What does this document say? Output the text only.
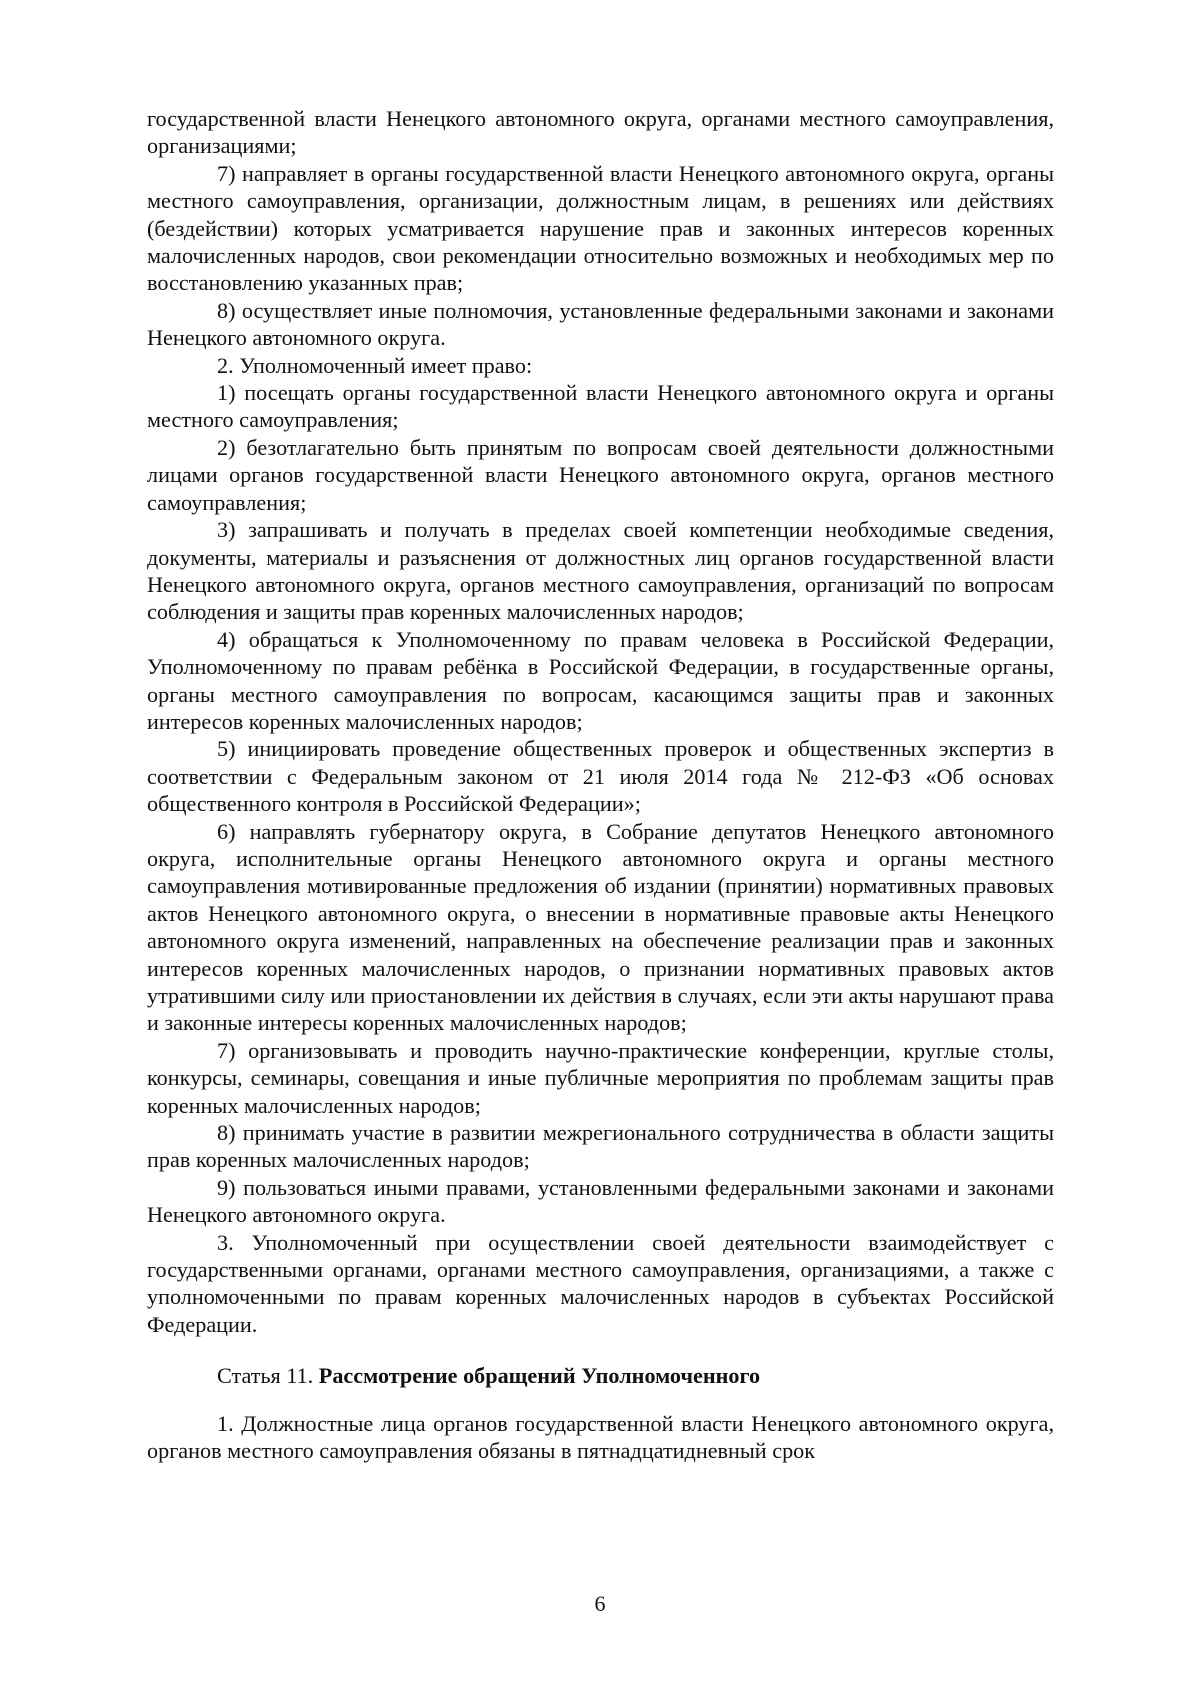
государственной власти Ненецкого автономного округа, органами местного самоуправления, организациями;

7) направляет в органы государственной власти Ненецкого автономного округа, органы местного самоуправления, организации, должностным лицам, в решениях или действиях (бездействии) которых усматривается нарушение прав и законных интересов коренных малочисленных народов, свои рекомендации относительно возможных и необходимых мер по восстановлению указанных прав;

8) осуществляет иные полномочия, установленные федеральными законами и законами Ненецкого автономного округа.

2. Уполномоченный имеет право:

1) посещать органы государственной власти Ненецкого автономного округа и органы местного самоуправления;

2) безотлагательно быть принятым по вопросам своей деятельности должностными лицами органов государственной власти Ненецкого автономного округа, органов местного самоуправления;

3) запрашивать и получать в пределах своей компетенции необходимые сведения, документы, материалы и разъяснения от должностных лиц органов государственной власти Ненецкого автономного округа, органов местного самоуправления, организаций по вопросам соблюдения и защиты прав коренных малочисленных народов;

4) обращаться к Уполномоченному по правам человека в Российской Федерации, Уполномоченному по правам ребёнка в Российской Федерации, в государственные органы, органы местного самоуправления по вопросам, касающимся защиты прав и законных интересов коренных малочисленных народов;

5) инициировать проведение общественных проверок и общественных экспертиз в соответствии с Федеральным законом от 21 июля 2014 года № 212-ФЗ «Об основах общественного контроля в Российской Федерации»;

6) направлять губернатору округа, в Собрание депутатов Ненецкого автономного округа, исполнительные органы Ненецкого автономного округа и органы местного самоуправления мотивированные предложения об издании (принятии) нормативных правовых актов Ненецкого автономного округа, о внесении в нормативные правовые акты Ненецкого автономного округа изменений, направленных на обеспечение реализации прав и законных интересов коренных малочисленных народов, о признании нормативных правовых актов утратившими силу или приостановлении их действия в случаях, если эти акты нарушают права и законные интересы коренных малочисленных народов;

7) организовывать и проводить научно-практические конференции, круглые столы, конкурсы, семинары, совещания и иные публичные мероприятия по проблемам защиты прав коренных малочисленных народов;

8) принимать участие в развитии межрегионального сотрудничества в области защиты прав коренных малочисленных народов;

9) пользоваться иными правами, установленными федеральными законами и законами Ненецкого автономного округа.

3. Уполномоченный при осуществлении своей деятельности взаимодействует с государственными органами, органами местного самоуправления, организациями, а также с уполномоченными по правам коренных малочисленных народов в субъектах Российской Федерации.

Статья 11. Рассмотрение обращений Уполномоченного

1. Должностные лица органов государственной власти Ненецкого автономного округа, органов местного самоуправления обязаны в пятнадцатидневный срок

6
